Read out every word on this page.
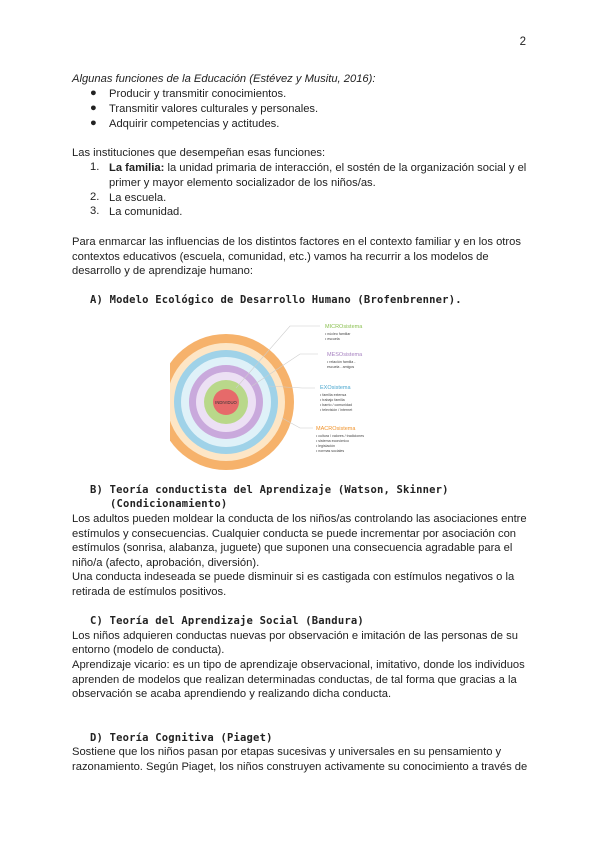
2
Algunas funciones de la Educación (Estévez y Musitu, 2016):
● Producir y transmitir conocimientos.
● Transmitir valores culturales y personales.
● Adquirir competencias y actitudes.
Las instituciones que desempeñan esas funciones:
1. La familia: la unidad primaria de interacción, el sostén de la organización social y el
primer y mayor elemento socializador de los niños/as.
2. La escuela.
3. La comunidad.
Para enmarcar las influencias de los distintos factores en el contexto familiar y en los otros
contextos educativos (escuela, comunidad, etc.) vamos ha recurrir a los modelos de
desarrollo y de aprendizaje humano:
A) Modelo Ecológico de Desarrollo Humano (Brofenbrenner).
INDIVIDUO
MICROsistema
• núcleo familiar
• escuela
MESOsistema
• relación familia -
escuela - amigos
EXOsistema
• familia extensa
• trabajo familia
• barrio / comunidad
• televisión / internet
MACROsistema
• cultura / valores / tradiciones
• sistema económico
• legislación
• normas sociales
B) Teoría conductista del Aprendizaje (Watson, Skinner)
(Condicionamiento)
Los adultos pueden moldear la conducta de los niños/as controlando las asociaciones entre
estímulos y consecuencias. Cualquier conducta se puede incrementar por asociación con
estímulos (sonrisa, alabanza, juguete) que suponen una consecuencia agradable para el
niño/a (afecto, aprobación, diversión).
Una conducta indeseada se puede disminuir si es castigada con estímulos negativos o la
retirada de estímulos positivos.
C) Teoría del Aprendizaje Social (Bandura)
Los niños adquieren conductas nuevas por observación e imitación de las personas de su
entorno (modelo de conducta).
Aprendizaje vicario: es un tipo de aprendizaje observacional, imitativo, donde los individuos
aprenden de modelos que realizan determinadas conductas, de tal forma que gracias a la
observación se acaba aprendiendo y realizando dicha conducta.
D) Teoría Cognitiva (Piaget)
Sostiene que los niños pasan por etapas sucesivas y universales en su pensamiento y
razonamiento. Según Piaget, los niños construyen activamente su conocimiento a través de
